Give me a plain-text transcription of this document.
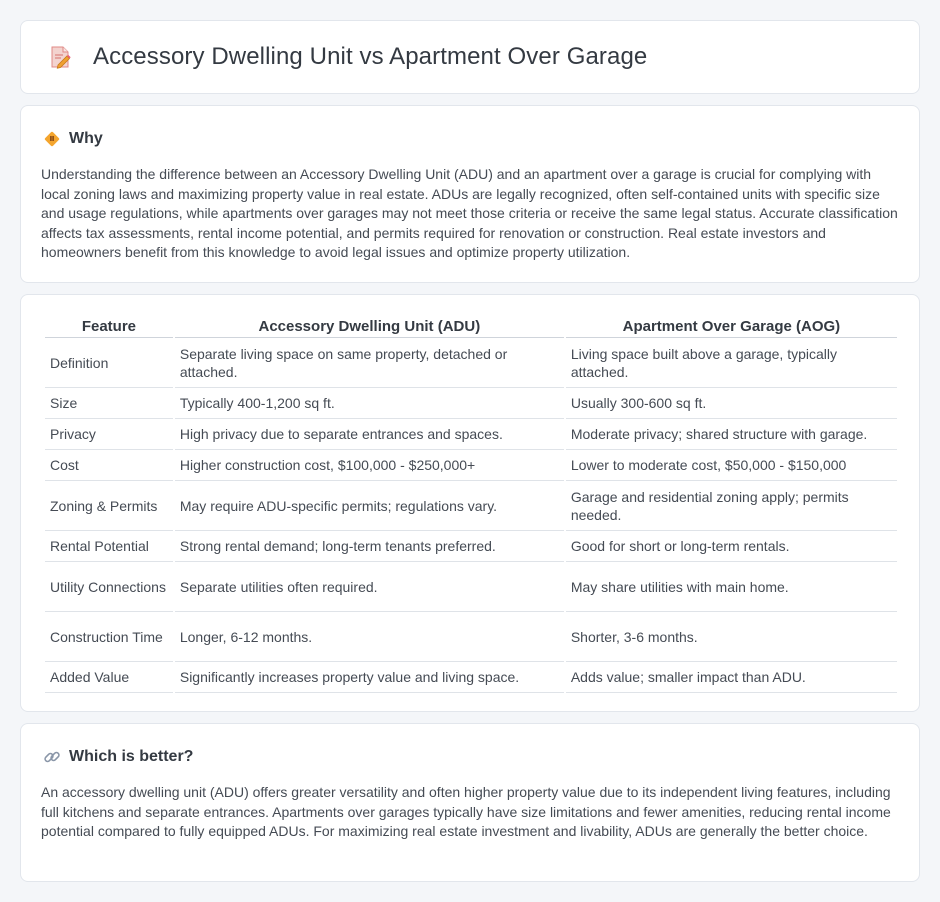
Accessory Dwelling Unit vs Apartment Over Garage
Why

Understanding the difference between an Accessory Dwelling Unit (ADU) and an apartment over a garage is crucial for complying with local zoning laws and maximizing property value in real estate. ADUs are legally recognized, often self-contained units with specific size and usage regulations, while apartments over garages may not meet those criteria or receive the same legal status. Accurate classification affects tax assessments, rental income potential, and permits required for renovation or construction. Real estate investors and homeowners benefit from this knowledge to avoid legal issues and optimize property utilization.

Feature	Accessory Dwelling Unit (ADU)	Apartment Over Garage (AOG)
Definition	Separate living space on same property, detached or attached.	Living space built above a garage, typically attached.
Size	Typically 400-1,200 sq ft.	Usually 300-600 sq ft.
Privacy	High privacy due to separate entrances and spaces.	Moderate privacy; shared structure with garage.
Cost	Higher construction cost, $100,000 - $250,000+	Lower to moderate cost, $50,000 - $150,000
Zoning & Permits	May require ADU-specific permits; regulations vary.	Garage and residential zoning apply; permits needed.
Rental Potential	Strong rental demand; long-term tenants preferred.	Good for short or long-term rentals.
Utility Connections	Separate utilities often required.	May share utilities with main home.
Construction Time	Longer, 6-12 months.	Shorter, 3-6 months.
Added Value	Significantly increases property value and living space.	Adds value; smaller impact than ADU.
Which is better?

An accessory dwelling unit (ADU) offers greater versatility and often higher property value due to its independent living features, including full kitchens and separate entrances. Apartments over garages typically have size limitations and fewer amenities, reducing rental income potential compared to fully equipped ADUs. For maximizing real estate investment and livability, ADUs are generally the better choice.
